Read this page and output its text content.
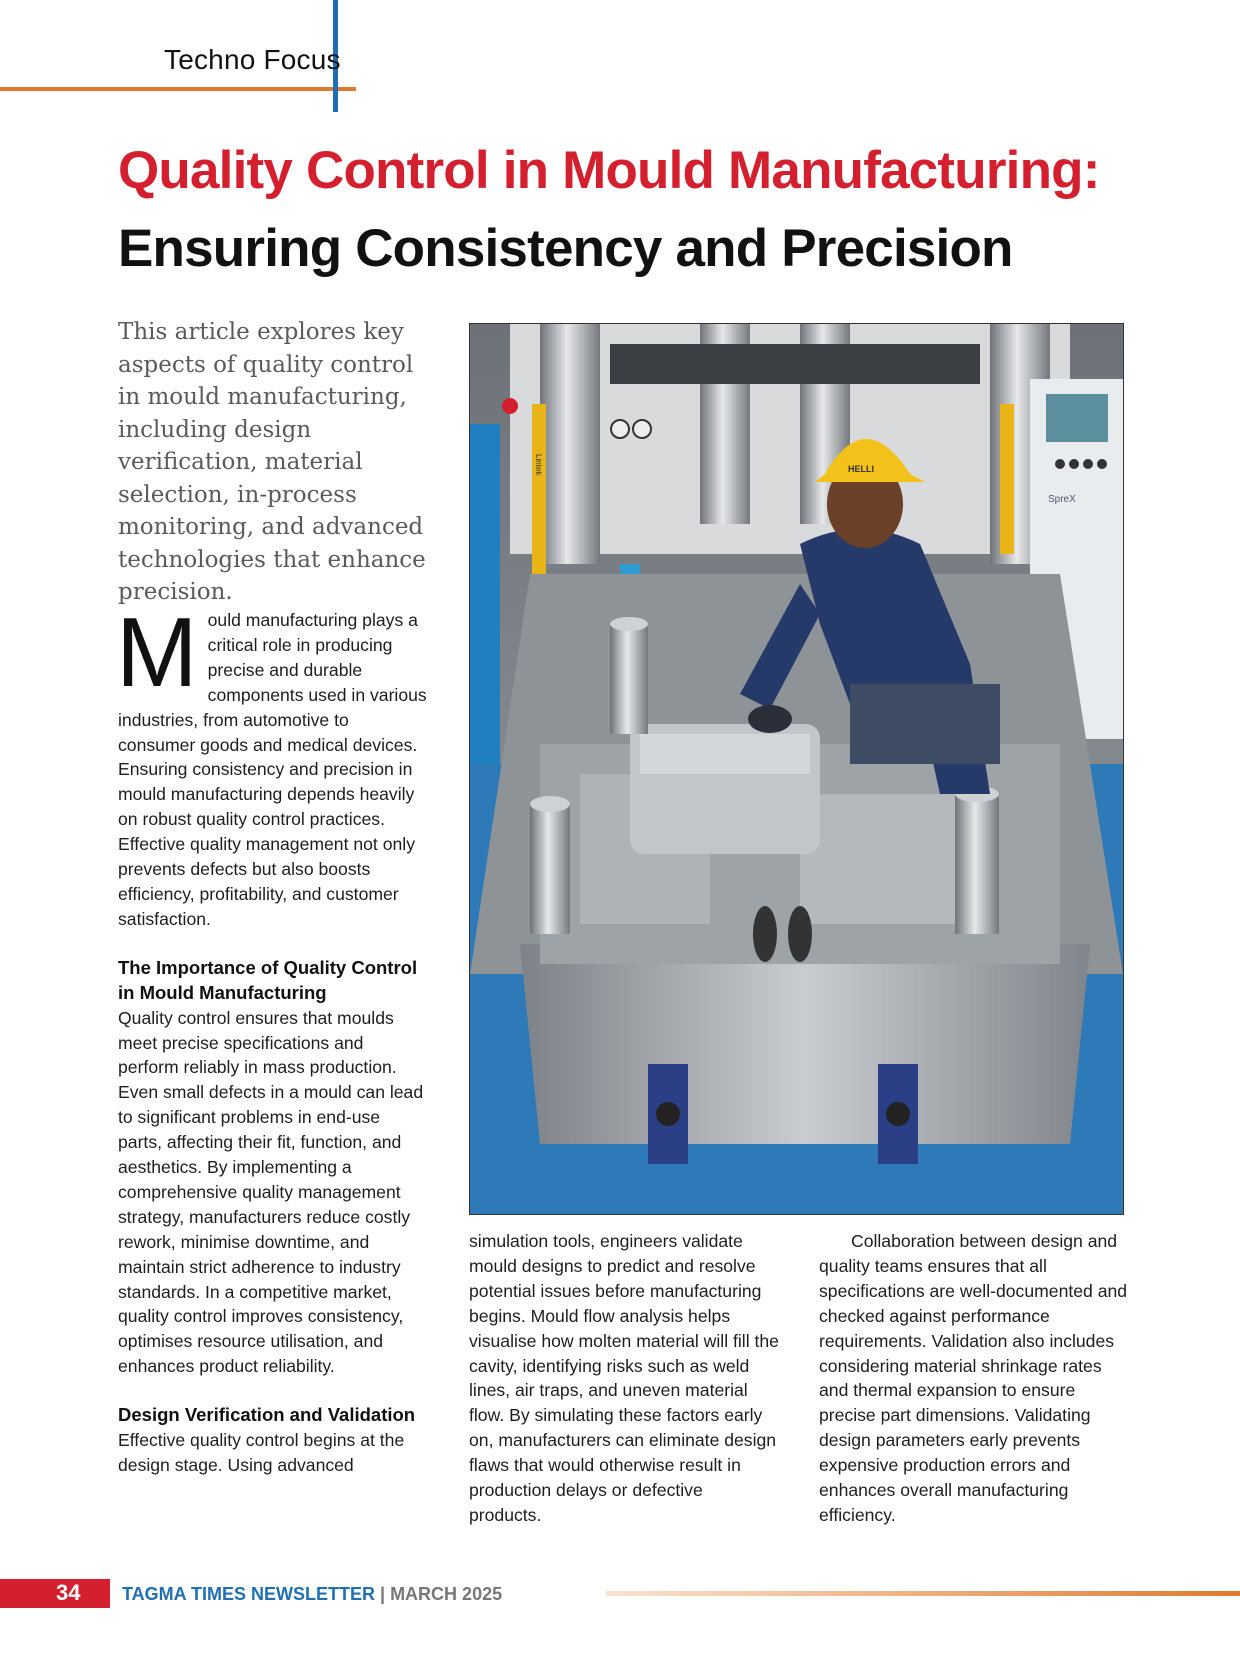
Techno Focus
Quality Control in Mould Manufacturing:
Ensuring Consistency and Precision
This article explores key aspects of quality control in mould manufacturing, including design verification, material selection, in-process monitoring, and advanced technologies that enhance precision.

Mould manufacturing plays a critical role in producing precise and durable components used in various industries, from automotive to consumer goods and medical devices. Ensuring consistency and precision in mould manufacturing depends heavily on robust quality control practices. Effective quality management not only prevents defects but also boosts efficiency, profitability, and customer satisfaction.

The Importance of Quality Control in Mould Manufacturing

Quality control ensures that moulds meet precise specifications and perform reliably in mass production. Even small defects in a mould can lead to significant problems in end-use parts, affecting their fit, function, and aesthetics. By implementing a comprehensive quality management strategy, manufacturers reduce costly rework, minimise downtime, and maintain strict adherence to industry standards. In a competitive market, quality control improves consistency, optimises resource utilisation, and enhances product reliability.

Design Verification and Validation

Effective quality control begins at the design stage. Using advanced

SpreX
HELLI
Lintek

simulation tools, engineers validate mould designs to predict and resolve potential issues before manufacturing begins. Mould flow analysis helps visualise how molten material will fill the cavity, identifying risks such as weld lines, air traps, and uneven material flow. By simulating these factors early on, manufacturers can eliminate design flaws that would otherwise result in production delays or defective products.

Collaboration between design and quality teams ensures that all specifications are well-documented and checked against performance requirements. Validation also includes considering material shrinkage rates and thermal expansion to ensure precise part dimensions. Validating design parameters early prevents expensive production errors and enhances overall manufacturing efficiency.

34 TAGMA TIMES NEWSLETTER | MARCH 2025
